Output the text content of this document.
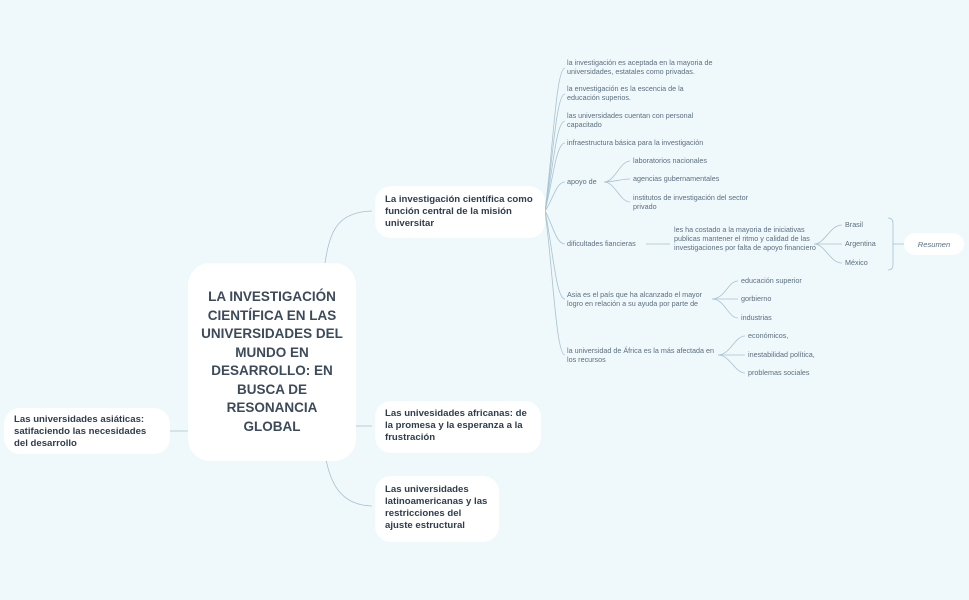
LA INVESTIGACIÓN CIENTÍFICA EN LAS UNIVERSIDADES DEL MUNDO EN DESARROLLO: EN BUSCA DE RESONANCIA GLOBAL
Las universidades asiáticas: satifaciendo las necesidades del desarrollo
La investigación científica como función central de la misión universitar
Las univesidades africanas: de la promesa y la esperanza a la frustración
Las universidades latinoamericanas y las restricciones del ajuste estructural
la investigación es aceptada en la mayoria de universidades, estatales como privadas.
la envestigación es la escencia de la educación superios.
las universidades cuentan con personal capacitado
infraestructura básica para la investigación
apoyo de
dificultades fiancieras
Asia es el país que ha alcanzado el mayor logro en relación a su ayuda por parte de
la universidad de África es la más afectada en los recursos
laboratorios nacionales
agencias gubernamentales
institutos de investigación del sector privado
les ha costado a la mayoria de iniciativas publicas mantener el ritmo y calidad de las investigaciones por falta de apoyo financiero
Brasil
Argentina
México
Resumen
educación superior
gorbierno
industrias
económicos,
inestabilidad política,
problemas sociales
